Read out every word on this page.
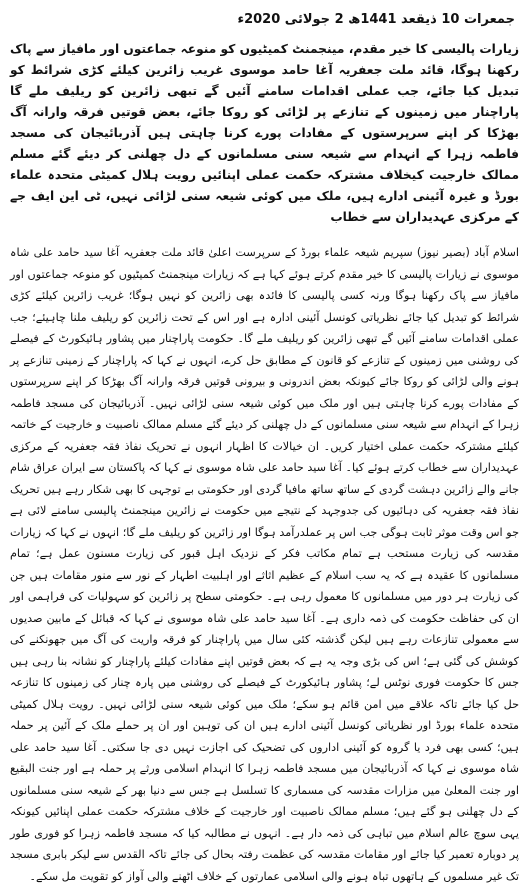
جمعرات 10 ذیقعد 1441ھ 2 جولائی 2020ء
زیارات پالیسی کا خیر مقدم، مینجمنٹ کمیٹیوں کو منوعہ جماعتوں اور مافیاز سے پاک رکھنا ہوگا، قائد ملت جعفریہ آغا حامد موسوی غریب زائرین کیلئے کڑی شرائط کو تبدیل کیا جائے، جب عملی اقدامات سامنے آئیں گے تبھی زائرین کو ریلیف ملے گا پاراچنار میں زمینوں کے تنازعے پر لڑائی کو روکا جائے، بعض قوتیں فرقہ وارانہ آگ بھڑکا کر اپنے سرپرستوں کے مفادات پورے کرنا چاہتی ہیں آذربائیجان کی مسجد فاطمہ زہرا کے انہدام سے شیعہ سنی مسلمانوں کے دل چھلنی کر دیئے گئے مسلم ممالک خارجیت کیخلاف مشترکہ حکمت عملی اپنائیں رویت ہلال کمیٹی متحدہ علماء بورڈ و غیرہ آئینی ادارے ہیں، ملک میں کوئی شیعہ سنی لڑائی نہیں، ٹی این ایف جے کے مرکزی عہدیداران سے خطاب

اسلام آباد (بصیر نیوز) سپریم شیعہ علماء بورڈ کے سرپرست اعلیٰ قائد ملت جعفریہ آغا سید حامد علی شاہ موسوی نے زیارات پالیسی کا خیر مقدم کرتے ہوئے کہا ہے کہ زیارات مینجمنٹ کمیٹیوں کو منوعہ جماعتوں اور مافیاز سے پاک رکھنا ہوگا ورنہ کسی پالیسی کا فائدہ بھی زائرین کو نہیں ہوگا؛ غریب زائرین کیلئے کڑی شرائط کو تبدیل کیا جائے نظریاتی کونسل آئینی ادارہ ہے اور اس کے تحت زائرین کو ریلیف ملنا چاہیئے؛ جب عملی اقدامات سامنے آئیں گے تبھی زائرین کو ریلیف ملے گا۔ حکومت پاراچنار میں پشاور ہائیکورٹ کے فیصلے کی روشنی میں زمینوں کے تنازعے کو قانون کے مطابق حل کرے، انہوں نے کہا کہ پاراچنار کے زمینی تنازعے پر ہونے والی لڑائی کو روکا جائے کیونکہ بعض اندرونی و بیرونی قوتیں فرقہ وارانہ آگ بھڑکا کر اپنے سرپرستوں کے مفادات پورے کرنا چاہتی ہیں اور ملک میں کوئی شیعہ سنی لڑائی نہیں۔ آذربائیجان کی مسجد فاطمہ زہرا کے انہدام سے شیعہ سنی مسلمانوں کے دل چھلنی کر دیئے گئے مسلم ممالک ناصبیت و خارجیت کے خاتمہ کیلئے مشترکہ حکمت عملی اختیار کریں۔ ان خیالات کا اظہار انہوں نے تحریک نفاذ فقہ جعفریہ کے مرکزی عہدیداران سے خطاب کرتے ہوئے کیا۔ آغا سید حامد علی شاہ موسوی نے کہا کہ پاکستان سے ایران عراق شام جانے والے زائرین دہشت گردی کے ساتھ ساتھ مافیا گردی اور حکومتی بے توجہی کا بھی شکار رہے ہیں تحریک نفاذ فقہ جعفریہ کی دہائیوں کی جدوجہد کے نتیجے میں حکومت نے زائرین مینجمنٹ پالیسی سامنے لائی ہے جو اس وقت موثر ثابت ہوگی جب اس پر عملدرآمد ہوگا اور زائرین کو ریلیف ملے گا؛ انہوں نے کہا کہ زیارات مقدسہ کی زیارت مستحب ہے تمام مکاتب فکر کے نزدیک اہل قبور کی زیارت مسنون عمل ہے؛ تمام مسلمانوں کا عقیدہ ہے کہ یہ سب اسلام کے عظیم اثاثے اور اہلبیت اطہار کے نور سے منور مقامات ہیں جن کی زیارت ہر دور میں مسلمانوں کا معمول رہی ہے۔ حکومتی سطح پر زائرین کو سہولیات کی فراہمی اور ان کی حفاظت حکومت کی ذمہ داری ہے۔ آغا سید حامد علی شاہ موسوی نے کہا کہ قبائل کے مابین صدیوں سے معمولی تنازعات رہے ہیں لیکن گذشتہ کئی سال میں پاراچنار کو فرقہ واریت کی آگ میں جھونکنے کی کوشش کی گئی ہے؛ اس کی بڑی وجہ یہ ہے کہ بعض قوتیں اپنے مفادات کیلئے پاراچنار کو نشانہ بنا رہی ہیں جس کا حکومت فوری نوٹس لے؛ پشاور ہائیکورٹ کے فیصلے کی روشنی میں پارہ چنار کی زمینوں کا تنازعہ حل کیا جائے تاکہ علاقے میں امن قائم ہو سکے؛ ملک میں کوئی شیعہ سنی لڑائی نہیں۔ رویت ہلال کمیٹی متحدہ علماء بورڈ اور نظریاتی کونسل آئینی ادارے ہیں ان کی توہین اور ان پر حملے ملک کے آئین پر حملہ ہیں؛ کسی بھی فرد یا گروہ کو آئینی اداروں کی تضحیک کی اجازت نہیں دی جا سکتی۔ آغا سید حامد علی شاہ موسوی نے کہا کہ آذربائیجان میں مسجد فاطمہ زہرا کا انہدام اسلامی ورثے پر حملہ ہے اور جنت البقیع اور جنت المعلیٰ میں مزارات مقدسہ کی مسماری کا تسلسل ہے جس سے دنیا بھر کے شیعہ سنی مسلمانوں کے دل چھلنی ہو گئے ہیں؛ مسلم ممالک ناصبیت اور خارجیت کے خلاف مشترکہ حکمت عملی اپنائیں کیونکہ یہی سوچ عالم اسلام میں تباہی کی ذمہ دار ہے۔ انہوں نے مطالبہ کیا کہ مسجد فاطمہ زہرا کو فوری طور پر دوبارہ تعمیر کیا جائے اور مقامات مقدسہ کی عظمت رفتہ بحال کی جائے تاکہ القدس سے لیکر بابری مسجد تک غیر مسلموں کے ہاتھوں تباہ ہونے والی اسلامی عمارتوں کے خلاف اٹھنے والی آواز کو تقویت مل سکے۔
